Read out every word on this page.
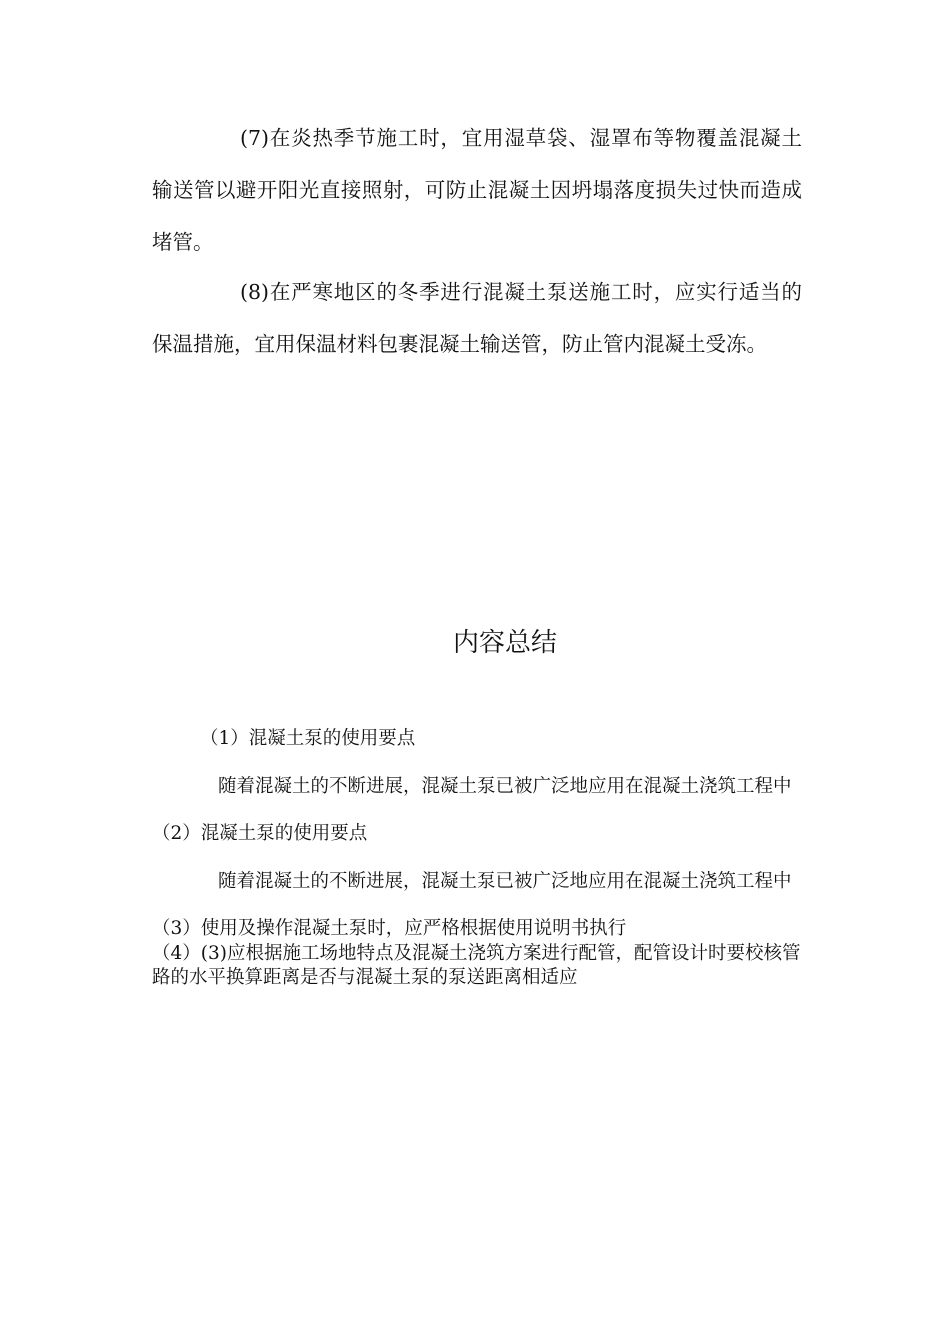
(7)在炎热季节施工时，宜用湿草袋、湿罩布等物覆盖混凝土输送管以避开阳光直接照射，可防止混凝土因坍塌落度损失过快而造成堵管。

(8)在严寒地区的冬季进行混凝土泵送施工时，应实行适当的保温措施，宜用保温材料包裹混凝土输送管，防止管内混凝土受冻。

内容总结

（1）混凝土泵的使用要点

随着混凝土的不断进展，混凝土泵已被广泛地应用在混凝土浇筑工程中

（2）混凝土泵的使用要点

随着混凝土的不断进展，混凝土泵已被广泛地应用在混凝土浇筑工程中

（3）使用及操作混凝土泵时，应严格根据使用说明书执行

（4）(3)应根据施工场地特点及混凝土浇筑方案进行配管，配管设计时要校核管路的水平换算距离是否与混凝土泵的泵送距离相适应
